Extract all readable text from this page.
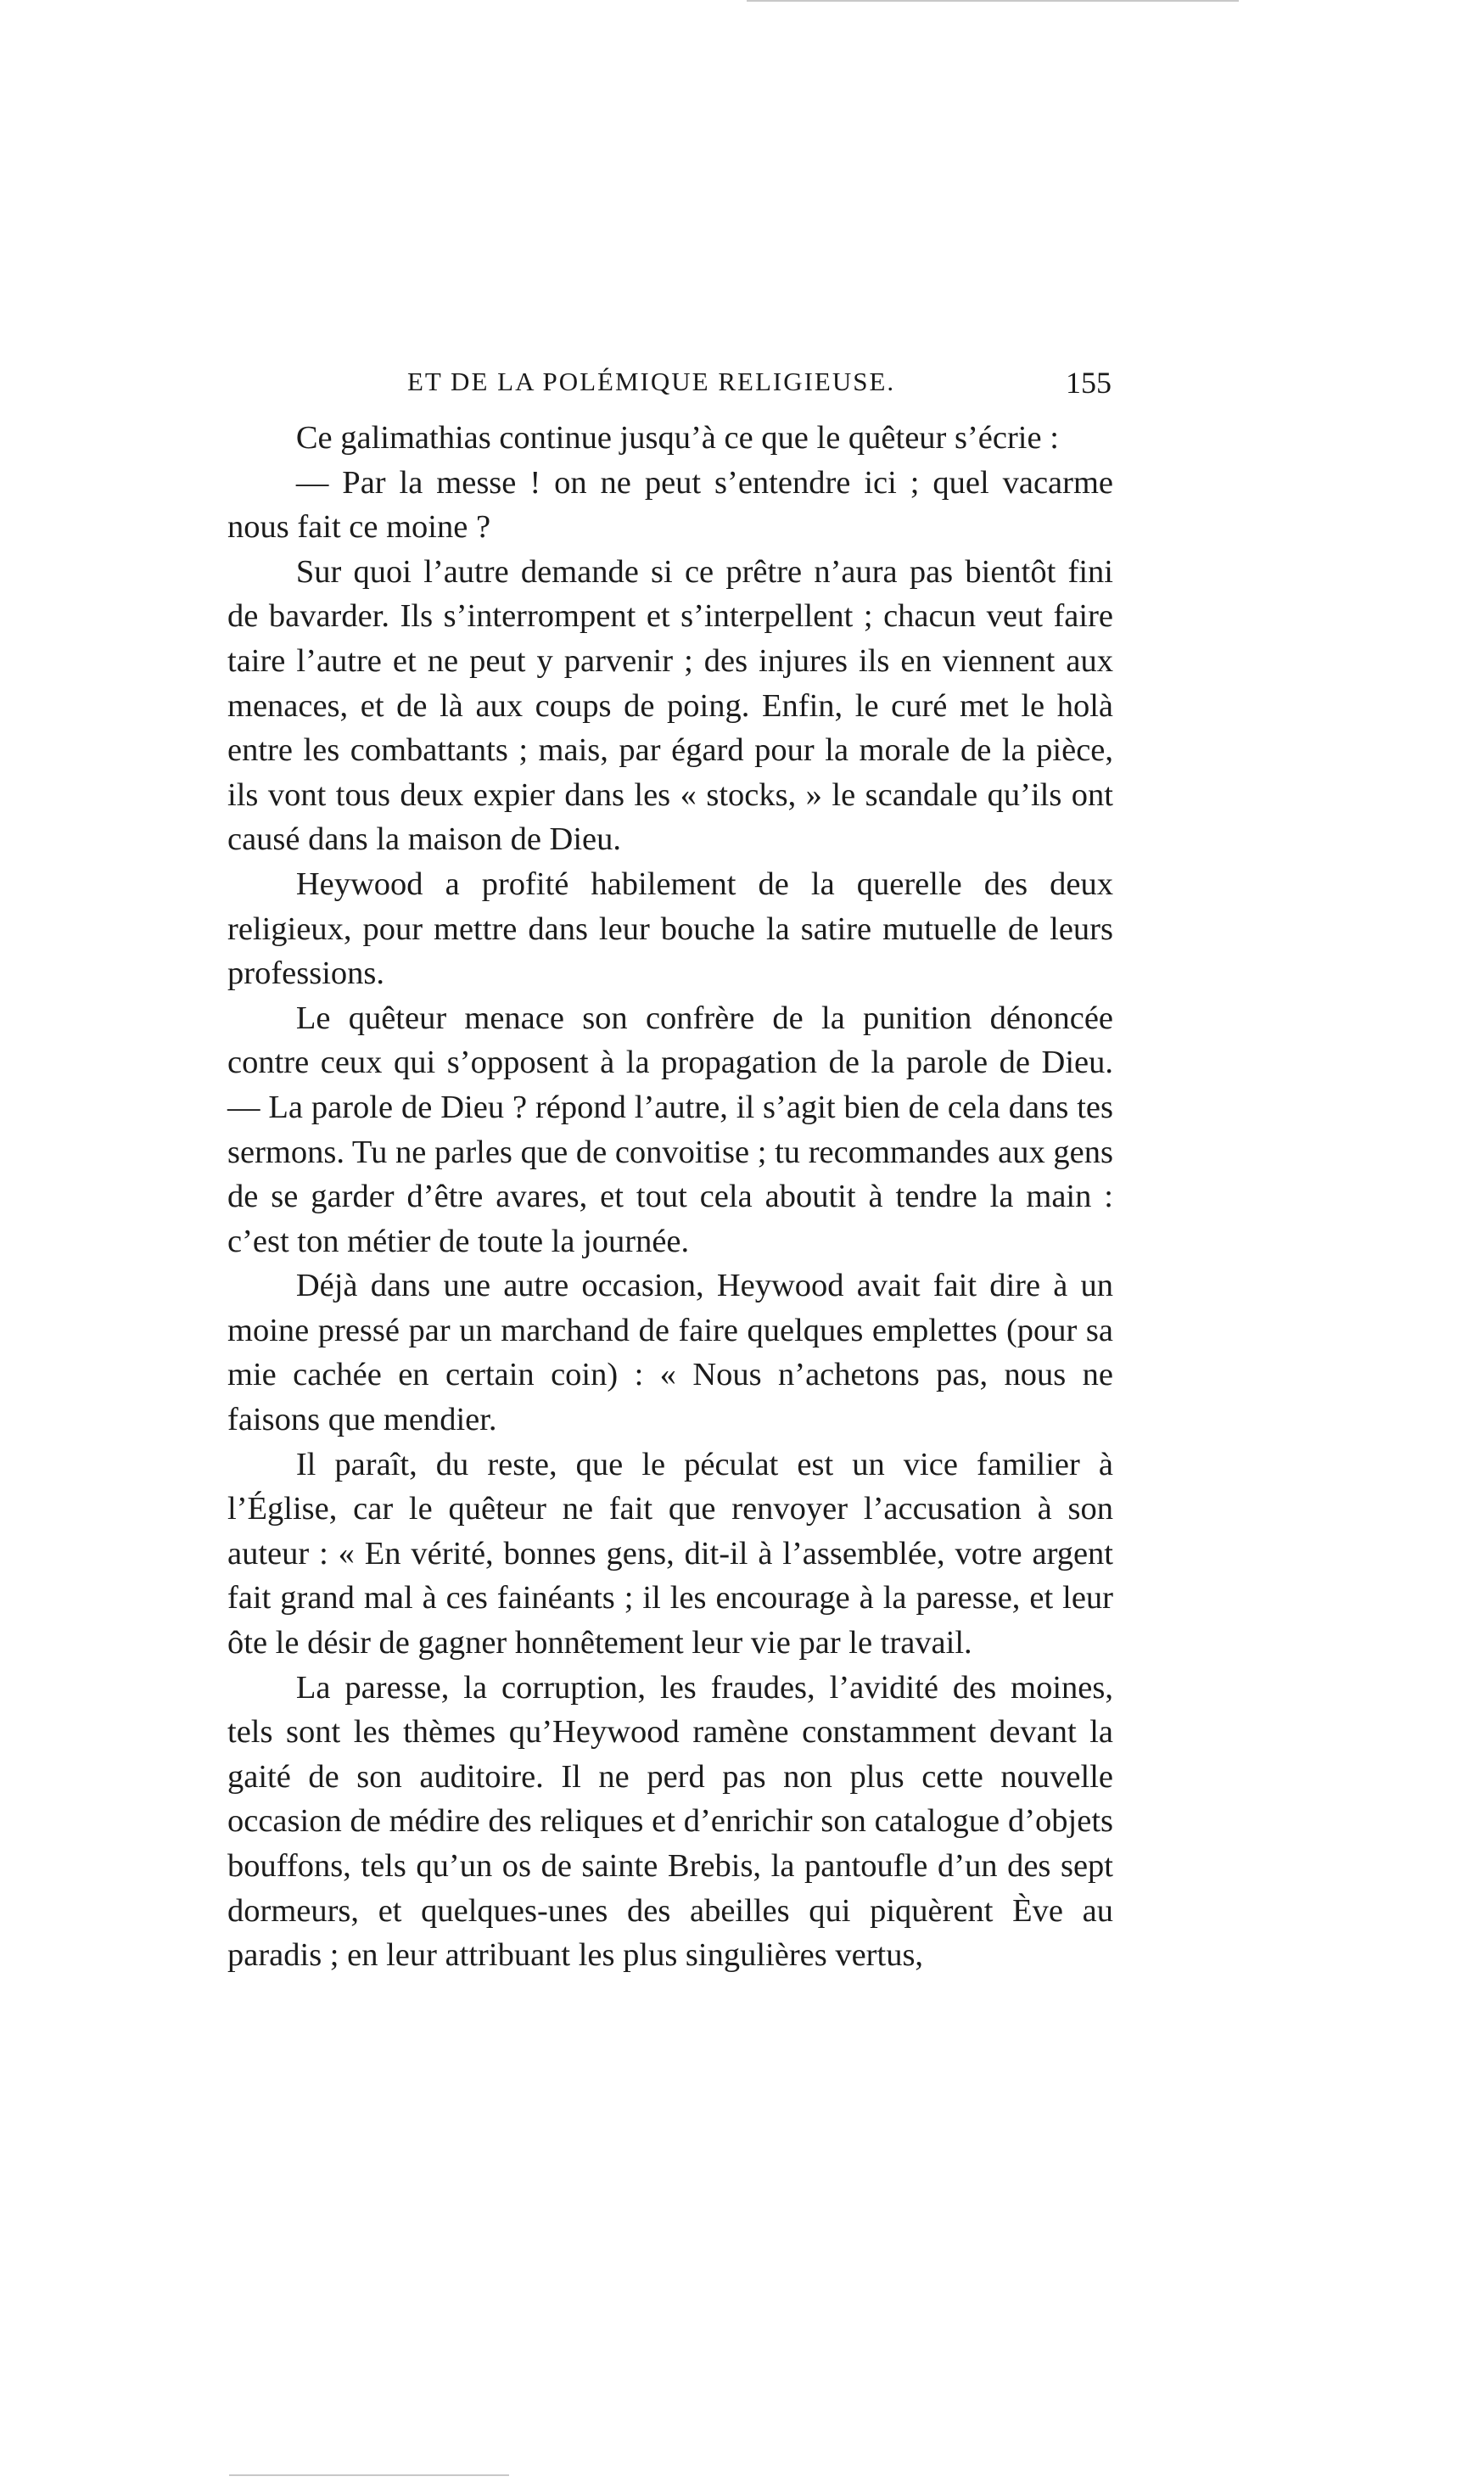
ET DE LA POLÉMIQUE RELIGIEUSE.	155

Ce galimathias continue jusqu’à ce que le quêteur s’écrie :

— Par la messe ! on ne peut s’entendre ici ; quel vacarme nous fait ce moine ?

Sur quoi l’autre demande si ce prêtre n’aura pas bientôt fini de bavarder. Ils s’interrompent et s’interpellent ; chacun veut faire taire l’autre et ne peut y parvenir ; des injures ils en viennent aux menaces, et de là aux coups de poing. Enfin, le curé met le holà entre les combattants ; mais, par égard pour la morale de la pièce, ils vont tous deux expier dans les « stocks, » le scandale qu’ils ont causé dans la maison de Dieu.

Heywood a profité habilement de la querelle des deux religieux, pour mettre dans leur bouche la satire mutuelle de leurs professions.

Le quêteur menace son confrère de la punition dénoncée contre ceux qui s’opposent à la propagation de la parole de Dieu. — La parole de Dieu ? répond l’autre, il s’agit bien de cela dans tes sermons. Tu ne parles que de convoitise ; tu recommandes aux gens de se garder d’être avares, et tout cela aboutit à tendre la main : c’est ton métier de toute la journée.

Déjà dans une autre occasion, Heywood avait fait dire à un moine pressé par un marchand de faire quelques emplettes (pour sa mie cachée en certain coin) : « Nous n’achetons pas, nous ne faisons que mendier.

Il paraît, du reste, que le péculat est un vice familier à l’Église, car le quêteur ne fait que renvoyer l’accusation à son auteur : « En vérité, bonnes gens, dit-il à l’assemblée, votre argent fait grand mal à ces fainéants ; il les encourage à la paresse, et leur ôte le désir de gagner honnêtement leur vie par le travail.

La paresse, la corruption, les fraudes, l’avidité des moines, tels sont les thèmes qu’Heywood ramène constamment devant la gaité de son auditoire. Il ne perd pas non plus cette nouvelle occasion de médire des reliques et d’enrichir son catalogue d’objets bouffons, tels qu’un os de sainte Brebis, la pantoufle d’un des sept dormeurs, et quelques-unes des abeilles qui piquèrent Ève au paradis ; en leur attribuant les plus singulières vertus,
